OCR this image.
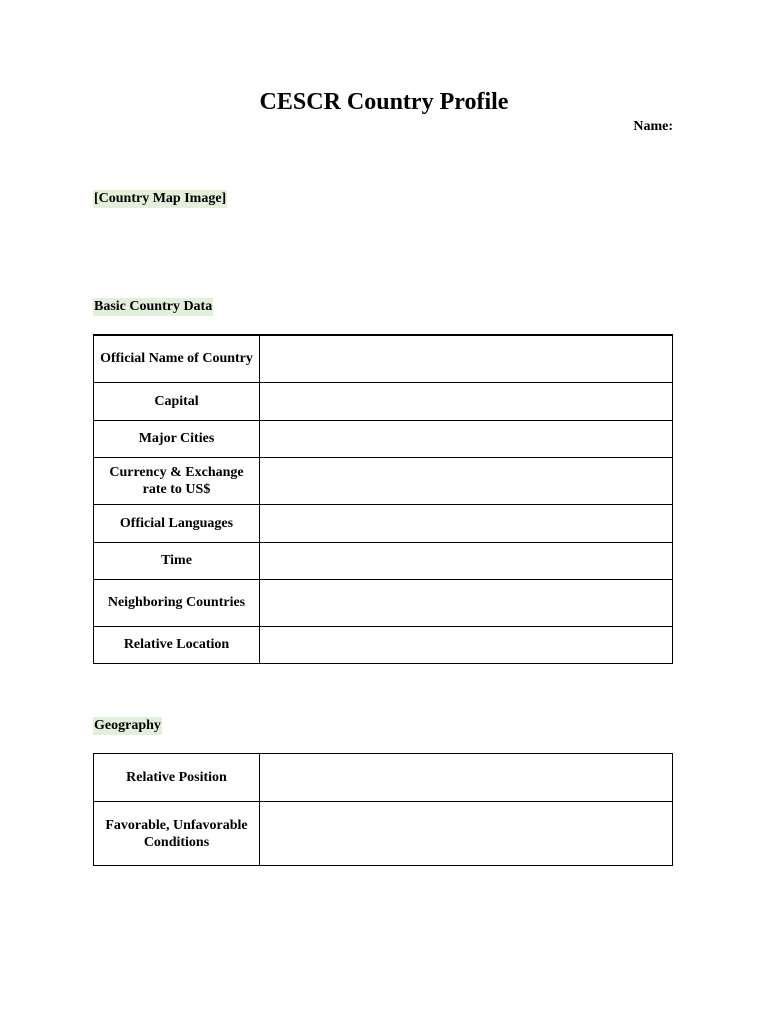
CESCR Country Profile
Name:
[Country Map Image]
Basic Country Data
Official Name of Country	
Capital	
Major Cities	
Currency & Exchange rate to US$	
Official Languages	
Time	
Neighboring Countries	
Relative Location	
Geography
Relative Position	
Favorable, Unfavorable Conditions	
